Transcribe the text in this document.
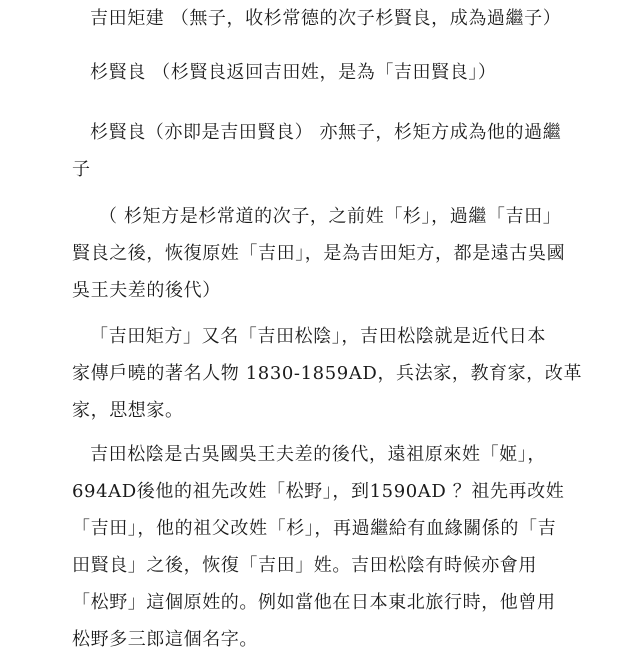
吉田矩建 （無子，收杉常德的次子杉賢良，成為過繼子）
杉賢良 （杉賢良返回吉田姓，是為「吉田賢良」）
杉賢良（亦即是吉田賢良） 亦無子，杉矩方成為他的過繼
子
（ 杉矩方是杉常道的次子，之前姓「杉」，過繼「吉田」
賢良之後，恢復原姓「吉田」，是為吉田矩方，都是遠古吳國
吳王夫差的後代）
「吉田矩方」又名「吉田松陰」，吉田松陰就是近代日本
家傳戶曉的著名人物 1830-1859AD，兵法家，教育家，改革
家，思想家。
吉田松陰是古吳國吳王夫差的後代，遠祖原來姓「姬」，
694AD後他的祖先改姓「松野」，到1590AD ？祖先再改姓
「吉田」，他的祖父改姓「杉」，再過繼給有血緣關係的「吉
田賢良」之後，恢復「吉田」姓。吉田松陰有時候亦會用
「松野」這個原姓的。例如當他在日本東北旅行時，他曾用
松野多三郎這個名字。
